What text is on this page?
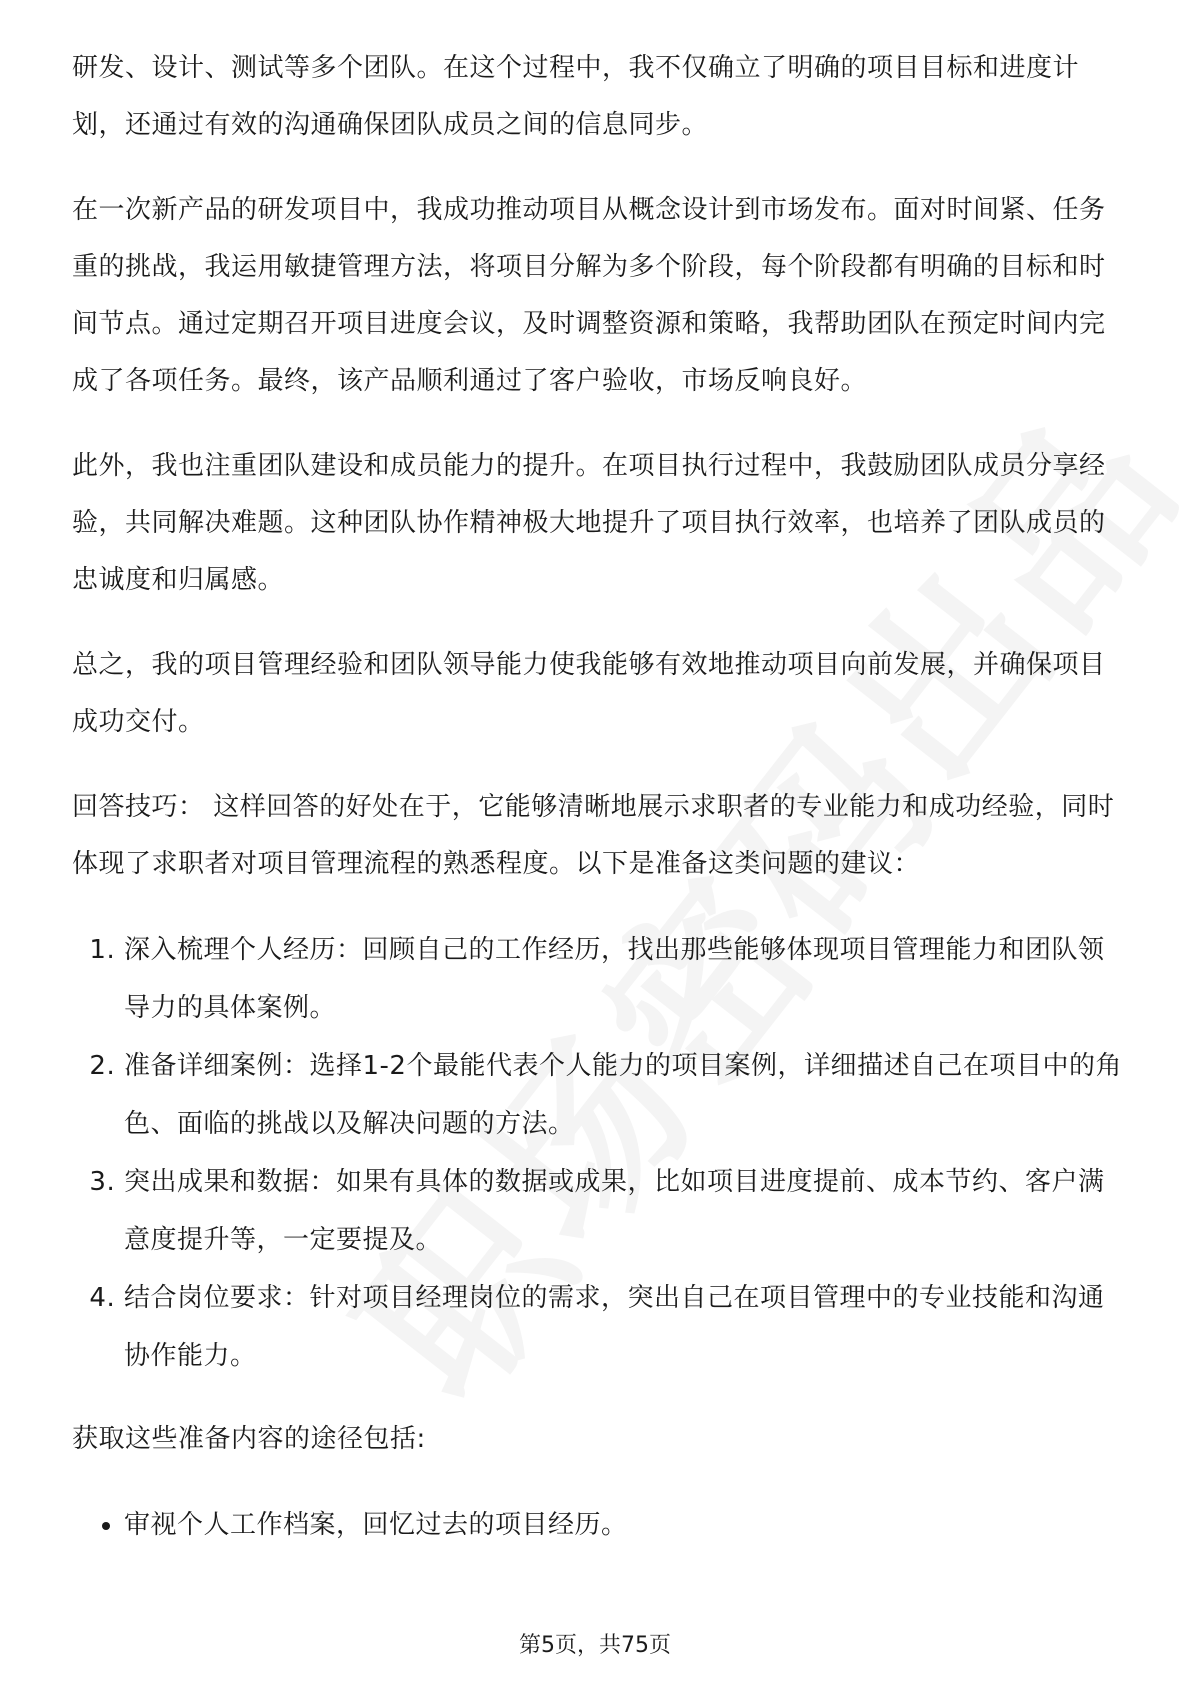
研发、设计、测试等多个团队。在这个过程中，我不仅确立了明确的项目目标和进度计划，还通过有效的沟通确保团队成员之间的信息同步。

在一次新产品的研发项目中，我成功推动项目从概念设计到市场发布。面对时间紧、任务重的挑战，我运用敏捷管理方法，将项目分解为多个阶段，每个阶段都有明确的目标和时间节点。通过定期召开项目进度会议，及时调整资源和策略，我帮助团队在预定时间内完成了各项任务。最终，该产品顺利通过了客户验收，市场反响良好。

此外，我也注重团队建设和成员能力的提升。在项目执行过程中，我鼓励团队成员分享经验，共同解决难题。这种团队协作精神极大地提升了项目执行效率，也培养了团队成员的忠诚度和归属感。

总之，我的项目管理经验和团队领导能力使我能够有效地推动项目向前发展，并确保项目成功交付。

回答技巧： 这样回答的好处在于，它能够清晰地展示求职者的专业能力和成功经验，同时体现了求职者对项目管理流程的熟悉程度。以下是准备这类问题的建议：

1. 深入梳理个人经历：回顾自己的工作经历，找出那些能够体现项目管理能力和团队领导力的具体案例。
2. 准备详细案例：选择1-2个最能代表个人能力的项目案例，详细描述自己在项目中的角色、面临的挑战以及解决问题的方法。
3. 突出成果和数据：如果有具体的数据或成果，比如项目进度提前、成本节约、客户满意度提升等，一定要提及。
4. 结合岗位要求：针对项目经理岗位的需求，突出自己在项目管理中的专业技能和沟通协作能力。

获取这些准备内容的途径包括:

• 审视个人工作档案，回忆过去的项目经历。
第5页，共75页
